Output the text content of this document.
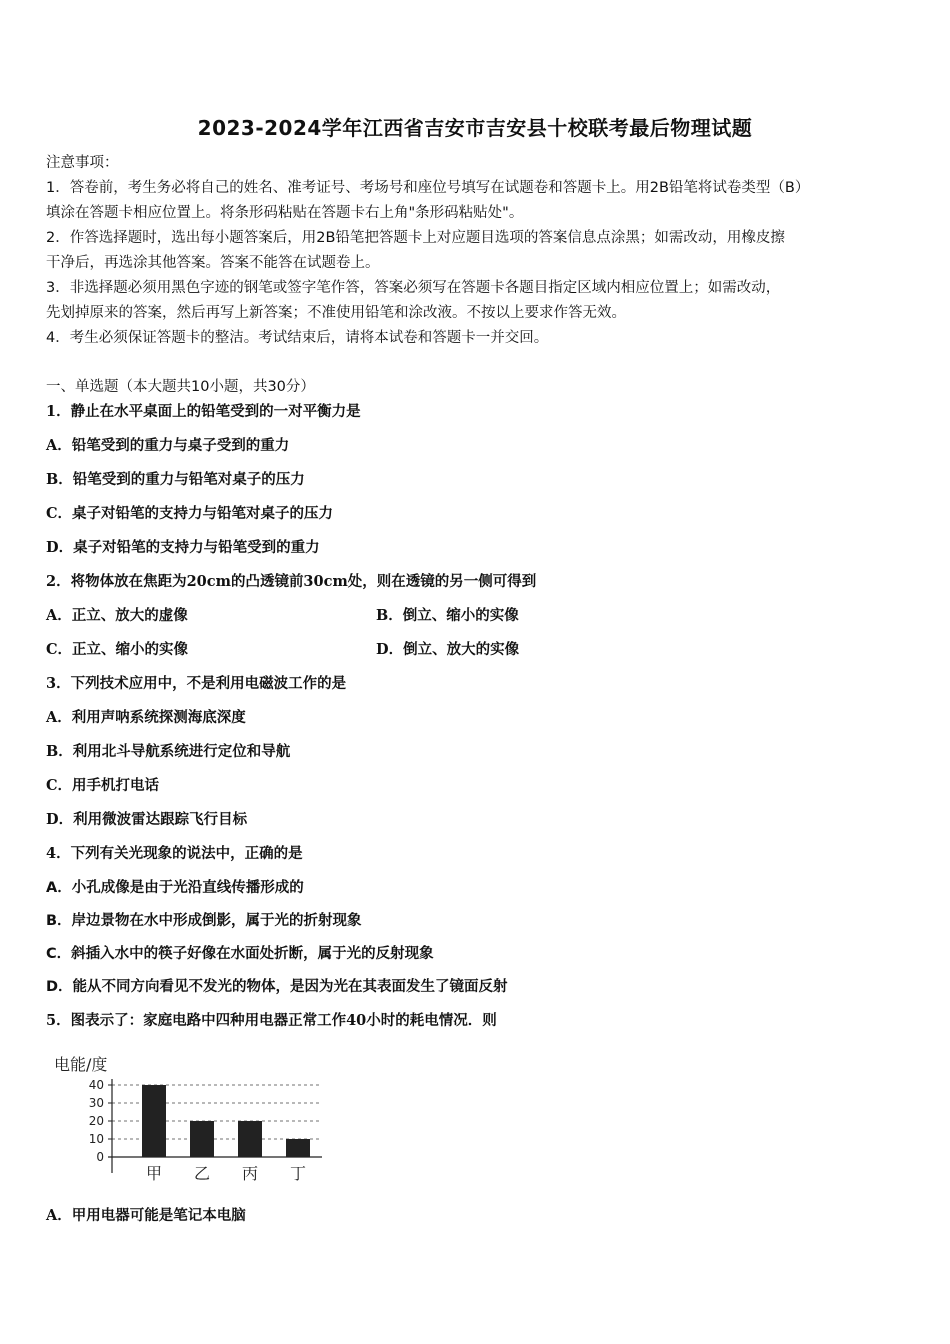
2023-2024学年江西省吉安市吉安县十校联考最后物理试题
注意事项：
1．答卷前，考生务必将自己的姓名、准考证号、考场号和座位号填写在试题卷和答题卡上。用2B铅笔将试卷类型（B）
填涂在答题卡相应位置上。将条形码粘贴在答题卡右上角"条形码粘贴处"。
2．作答选择题时，选出每小题答案后，用2B铅笔把答题卡上对应题目选项的答案信息点涂黑；如需改动，用橡皮擦
干净后，再选涂其他答案。答案不能答在试题卷上。
3．非选择题必须用黑色字迹的钢笔或签字笔作答，答案必须写在答题卡各题目指定区域内相应位置上；如需改动，
先划掉原来的答案，然后再写上新答案；不准使用铅笔和涂改液。不按以上要求作答无效。
4．考生必须保证答题卡的整洁。考试结束后，请将本试卷和答题卡一并交回。
一、单选题（本大题共10小题，共30分）
1．静止在水平桌面上的铅笔受到的一对平衡力是
A．铅笔受到的重力与桌子受到的重力
B．铅笔受到的重力与铅笔对桌子的压力
C．桌子对铅笔的支持力与铅笔对桌子的压力
D．桌子对铅笔的支持力与铅笔受到的重力
2．将物体放在焦距为20cm的凸透镜前30cm处，则在透镜的另一侧可得到
A．正立、放大的虚像	B．倒立、缩小的实像
C．正立、缩小的实像	D．倒立、放大的实像
3．下列技术应用中，不是利用电磁波工作的是
A．利用声呐系统探测海底深度
B．利用北斗导航系统进行定位和导航
C．用手机打电话
D．利用微波雷达跟踪飞行目标
4．下列有关光现象的说法中，正确的是
A．小孔成像是由于光沿直线传播形成的
B．岸边景物在水中形成倒影，属于光的折射现象
C．斜插入水中的筷子好像在水面处折断，属于光的反射现象
D．能从不同方向看见不发光的物体，是因为光在其表面发生了镜面反射
5．图表示了：家庭电路中四种用电器正常工作40小时的耗电情况．则
电能/度
0
10
20
30
40
甲 乙 丙 丁
A．甲用电器可能是笔记本电脑
